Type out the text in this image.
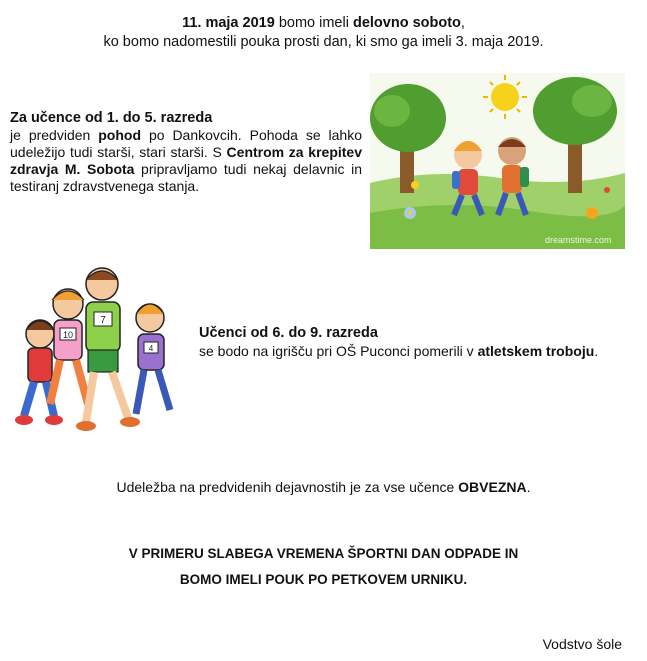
11. maja 2019 bomo imeli delovno soboto,
ko bomo nadomestili pouka prosti dan, ki smo ga imeli 3. maja 2019.
Za učence od 1. do 5. razreda
je predviden pohod po Dankovcih. Pohoda se lahko udeležijo tudi starši, stari starši. S Centrom za krepitev zdravja M. Sobota pripravljamo tudi nekaj delavnic in testiranj zdravstvenega stanja.
dreamstime.com
10
7
4
Učenci od 6. do 9. razreda
se bodo na igrišču pri OŠ Puconci pomerili v atletskem troboju.
Udeležba na predvidenih dejavnostih je za vse učence OBVEZNA.
V PRIMERU SLABEGA VREMENA ŠPORTNI DAN ODPADE IN
BOMO IMELI POUK PO PETKOVEM URNIKU.
Vodstvo šole
